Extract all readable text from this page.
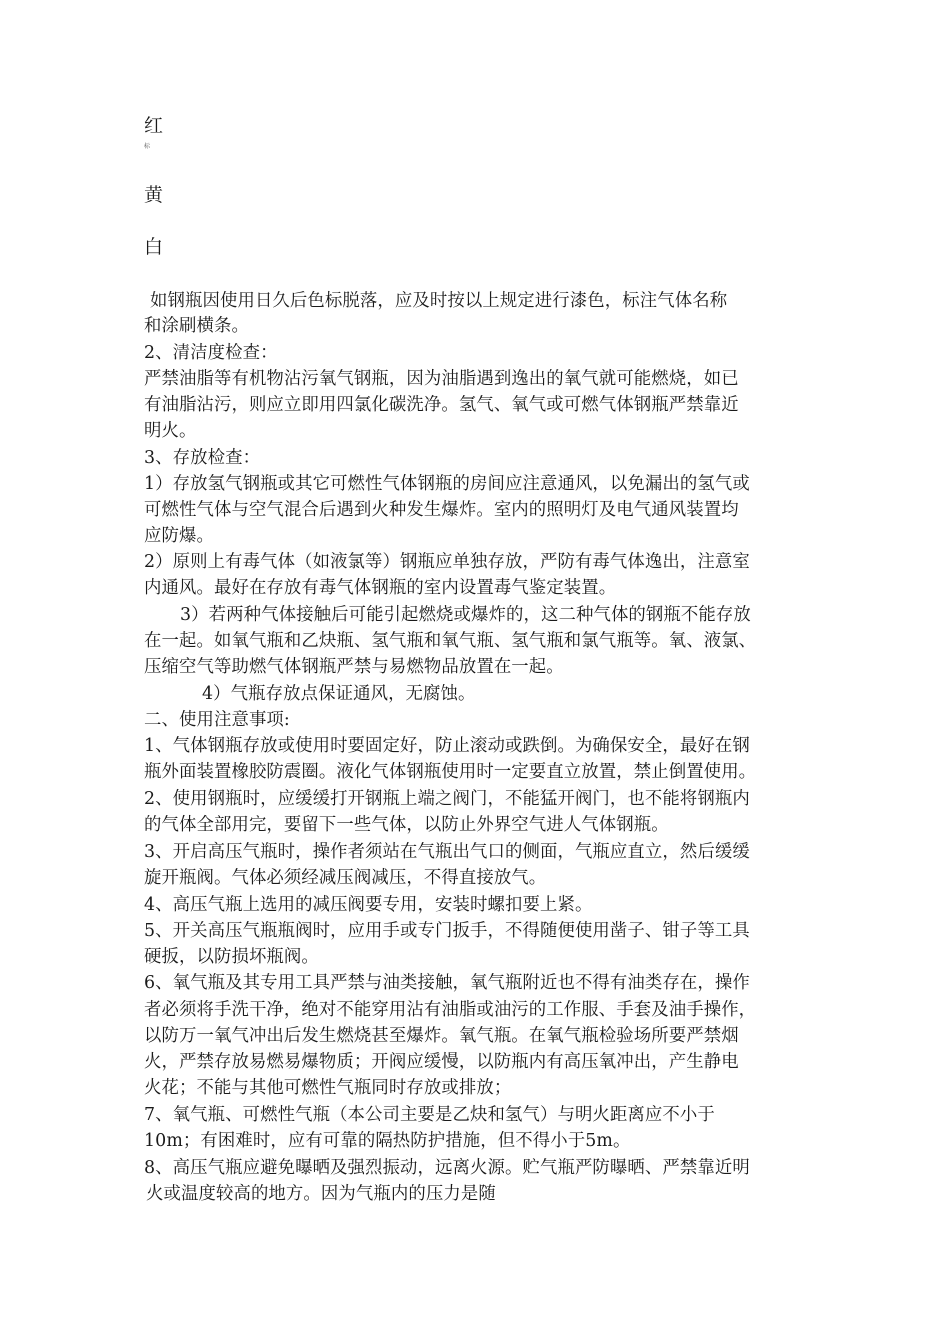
红
标
黄
白
如钢瓶因使用日久后色标脱落，应及时按以上规定进行漆色，标注气体名称
和涂刷横条。
2、清洁度检查：
严禁油脂等有机物沾污氧气钢瓶，因为油脂遇到逸出的氧气就可能燃烧，如已
有油脂沾污，则应立即用四氯化碳洗净。氢气、氧气或可燃气体钢瓶严禁靠近
明火。
3、存放检查：
1）存放氢气钢瓶或其它可燃性气体钢瓶的房间应注意通风，以免漏出的氢气或
可燃性气体与空气混合后遇到火种发生爆炸。室内的照明灯及电气通风装置均
应防爆。
2）原则上有毒气体（如液氯等）钢瓶应单独存放，严防有毒气体逸出，注意室
内通风。最好在存放有毒气体钢瓶的室内设置毒气鉴定装置。
3）若两种气体接触后可能引起燃烧或爆炸的，这二种气体的钢瓶不能存放
在一起。如氧气瓶和乙炔瓶、氢气瓶和氧气瓶、氢气瓶和氯气瓶等。氧、液氯、
压缩空气等助燃气体钢瓶严禁与易燃物品放置在一起。
4）气瓶存放点保证通风，无腐蚀。
二、使用注意事项:
1、气体钢瓶存放或使用时要固定好，防止滚动或跌倒。为确保安全，最好在钢
瓶外面装置橡胶防震圈。液化气体钢瓶使用时一定要直立放置，禁止倒置使用。
2、使用钢瓶时，应缓缓打开钢瓶上端之阀门，不能猛开阀门，也不能将钢瓶内
的气体全部用完，要留下一些气体，以防止外界空气进人气体钢瓶。
3、开启高压气瓶时，操作者须站在气瓶出气口的侧面，气瓶应直立，然后缓缓
旋开瓶阀。气体必须经减压阀减压，不得直接放气。
4、高压气瓶上选用的减压阀要专用，安装时螺扣要上紧。
5、开关高压气瓶瓶阀时，应用手或专门扳手，不得随便使用凿子、钳子等工具
硬扳，以防损坏瓶阀。
6、氧气瓶及其专用工具严禁与油类接触，氧气瓶附近也不得有油类存在，操作
者必须将手洗干净，绝对不能穿用沾有油脂或油污的工作服、手套及油手操作，
以防万一氧气冲出后发生燃烧甚至爆炸。氧气瓶。在氧气瓶检验场所要严禁烟
火，严禁存放易燃易爆物质；开阀应缓慢，以防瓶内有高压氧冲出，产生静电
火花；不能与其他可燃性气瓶同时存放或排放；
7、氧气瓶、可燃性气瓶（本公司主要是乙炔和氢气）与明火距离应不小于
10m；有困难时，应有可靠的隔热防护措施，但不得小于5m。
8、高压气瓶应避免曝晒及强烈振动，远离火源。贮气瓶严防曝晒、严禁靠近明
火或温度较高的地方。因为气瓶内的压力是随
